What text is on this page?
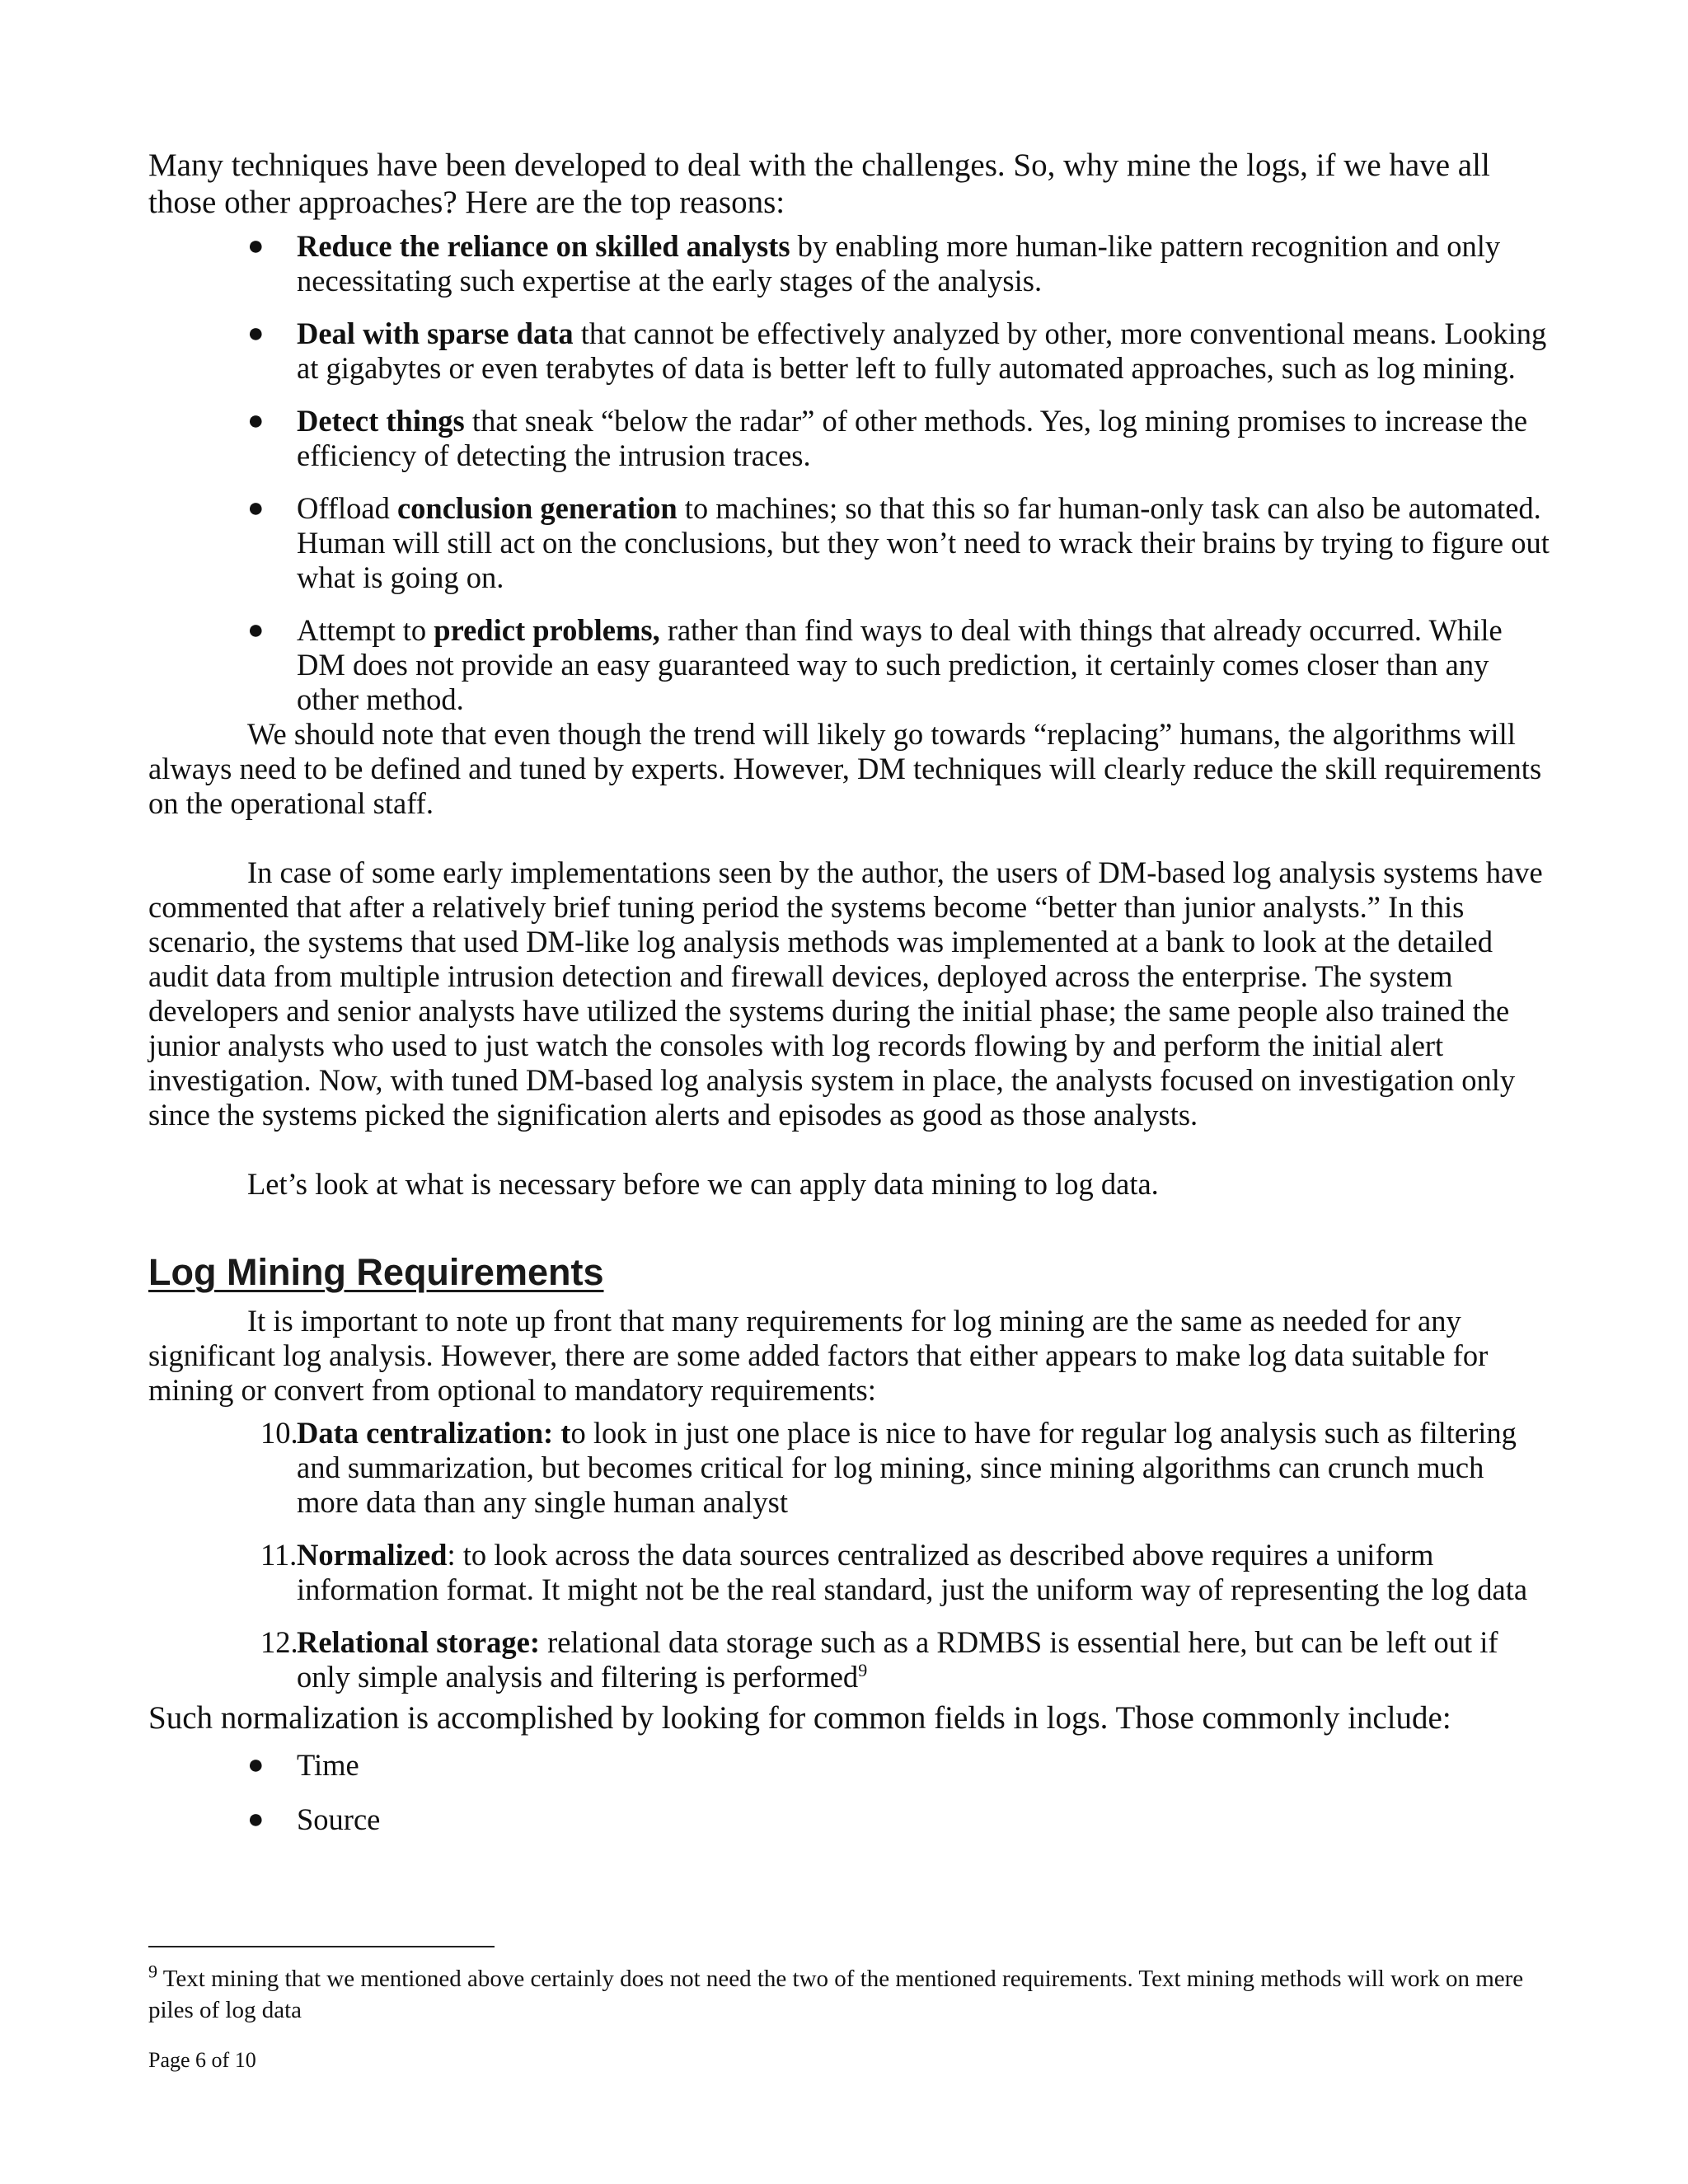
Many techniques have been developed to deal with the challenges. So, why mine the logs, if we have all those other approaches? Here are the top reasons:

●	Reduce the reliance on skilled analysts by enabling more human-like pattern recognition and only necessitating such expertise at the early stages of the analysis.
●	Deal with sparse data that cannot be effectively analyzed by other, more conventional means. Looking at gigabytes or even terabytes of data is better left to fully automated approaches, such as log mining.
●	Detect things that sneak “below the radar” of other methods. Yes, log mining promises to increase the efficiency of detecting the intrusion traces.
●	Offload conclusion generation to machines; so that this so far human-only task can also be automated. Human will still act on the conclusions, but they won’t need to wrack their brains by trying to figure out what is going on.
●	Attempt to predict problems, rather than find ways to deal with things that already occurred. While DM does not provide an easy guaranteed way to such prediction, it certainly comes closer than any other method.

We should note that even though the trend will likely go towards “replacing” humans, the algorithms will always need to be defined and tuned by experts. However, DM techniques will clearly reduce the skill requirements on the operational staff.

In case of some early implementations seen by the author, the users of DM-based log analysis systems have commented that after a relatively brief tuning period the systems become “better than junior analysts.” In this scenario, the systems that used DM-like log analysis methods was implemented at a bank to look at the detailed audit data from multiple intrusion detection and firewall devices, deployed across the enterprise. The system developers and senior analysts have utilized the systems during the initial phase; the same people also trained the junior analysts who used to just watch the consoles with log records flowing by and perform the initial alert investigation. Now, with tuned DM-based log analysis system in place, the analysts focused on investigation only since the systems picked the signification alerts and episodes as good as those analysts.

Let’s look at what is necessary before we can apply data mining to log data.

Log Mining Requirements

It is important to note up front that many requirements for log mining are the same as needed for any significant log analysis. However, there are some added factors that either appears to make log data suitable for mining or convert from optional to mandatory requirements:

10.
Data centralization: to look in just one place is nice to have for regular log analysis such as filtering and summarization, but becomes critical for log mining, since mining algorithms can crunch much more data than any single human analyst
11. Normalized: to look across the data sources centralized as described above requires a uniform information format. It might not be the real standard, just the uniform way of representing the log data
12.
Relational storage: relational data storage such as a RDMBS is essential here, but can be left out if only simple analysis and filtering is performed$^9$

Such normalization is accomplished by looking for common fields in logs. Those commonly include:

●	Time
●	Source

$^9$ Text mining that we mentioned above certainly does not need the two of the mentioned requirements. Text mining methods will work on mere piles of log data

Page 6 of 10
